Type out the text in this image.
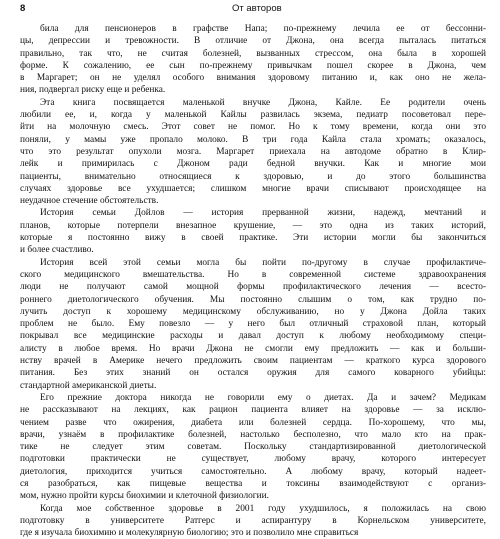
8	От авторов
била для пенсионеров в графстве Напа; по-прежнему лечила ее от бессонни-
цы, депрессии и тревожности. В отличие от Джона, она всегда пыталась питаться
правильно, так что, не считая болезней, вызванных стрессом, она была в хорошей
форме. К сожалению, ее сын по-прежнему привычкам пошел скорее в Джона, чем
в Маргарет; он не уделял особого внимания здоровому питанию и, как оно не жела-
ния, подвергал риску еще и ребенка.
Эта книга посвящается маленькой внучке Джона, Кайле. Ее родители очень
любили ее, и, когда у маленькой Кайлы развилась экзема, педиатр посоветовал пере-
йти на молочную смесь. Этот совет не помог. Но к тому времени, когда они это
поняли, у мамы уже пропало молоко. В три года Кайла стала хромать; оказалось,
что это результат опухоли мозга. Маргарет приехала на автодоме обратно в Клир-
лейк и примирилась с Джоном ради бедной внучки. Как и многие мои
пациенты, внимательно относящиеся к здоровью, и до этого большинства
случаях здоровье все ухудшается; слишком многие врачи списывают происходящее на
неудачное стечение обстоятельств.
История семьи Дойлов — история прерванной жизни, надежд, мечтаний и
планов, которые потерпели внезапное крушение, — это одна из таких историй,
которые я постоянно вижу в своей практике. Эти истории могли бы закончиться
и более счастливо.
История всей этой семьи могла бы пойти по-другому в случае профилактиче-
ского медицинского вмешательства. Но в современной системе здравоохранения
люди не получают самой мощной формы профилактического лечения — всесто-
роннего диетологического обучения. Мы постоянно слышим о том, как трудно по-
лучить доступ к хорошему медицинскому обслуживанию, но у Джона Дойла таких
проблем не было. Ему повезло — у него был отличный страховой план, который
покрывал все медицинские расходы и давал доступ к любому необходимому специ-
алисту в любое время. Но врачи Джона не смогли ему предложить — как и больши-
нству врачей в Америке нечего предложить своим пациентам — краткого курса здорового
питания. Без этих знаний он остался оружия для самого коварного убийцы:
стандартной американской диеты.
Его прежние доктора никогда не говорили ему о диетах. Да и зачем? Медикам
не рассказывают на лекциях, как рацион пациента влияет на здоровье — за исклю-
чением разве что ожирения, диабета или болезней сердца. По-хорошему, что мы,
врачи, узнаём в профилактике болезней, настолько бесполезно, что мало кто на прак-
тике не следует этим советам. Поскольку стандартизированной диетологической
подготовки практически не существует, любому врачу, которого интересует
диетология, приходится учиться самостоятельно. А любому врачу, который надеет-
ся разобраться, как пищевые вещества и токсины взаимодействуют с организ-
мом, нужно пройти курсы биохимии и клеточной физиологии.
Когда мое собственное здоровье в 2001 году ухудшилось, я положилась на свою
подготовку в университете Ратгерс и аспирантуру в Корнельском университете,
где я изучала биохимию и молекулярную биологию; это и позволило мне справиться
